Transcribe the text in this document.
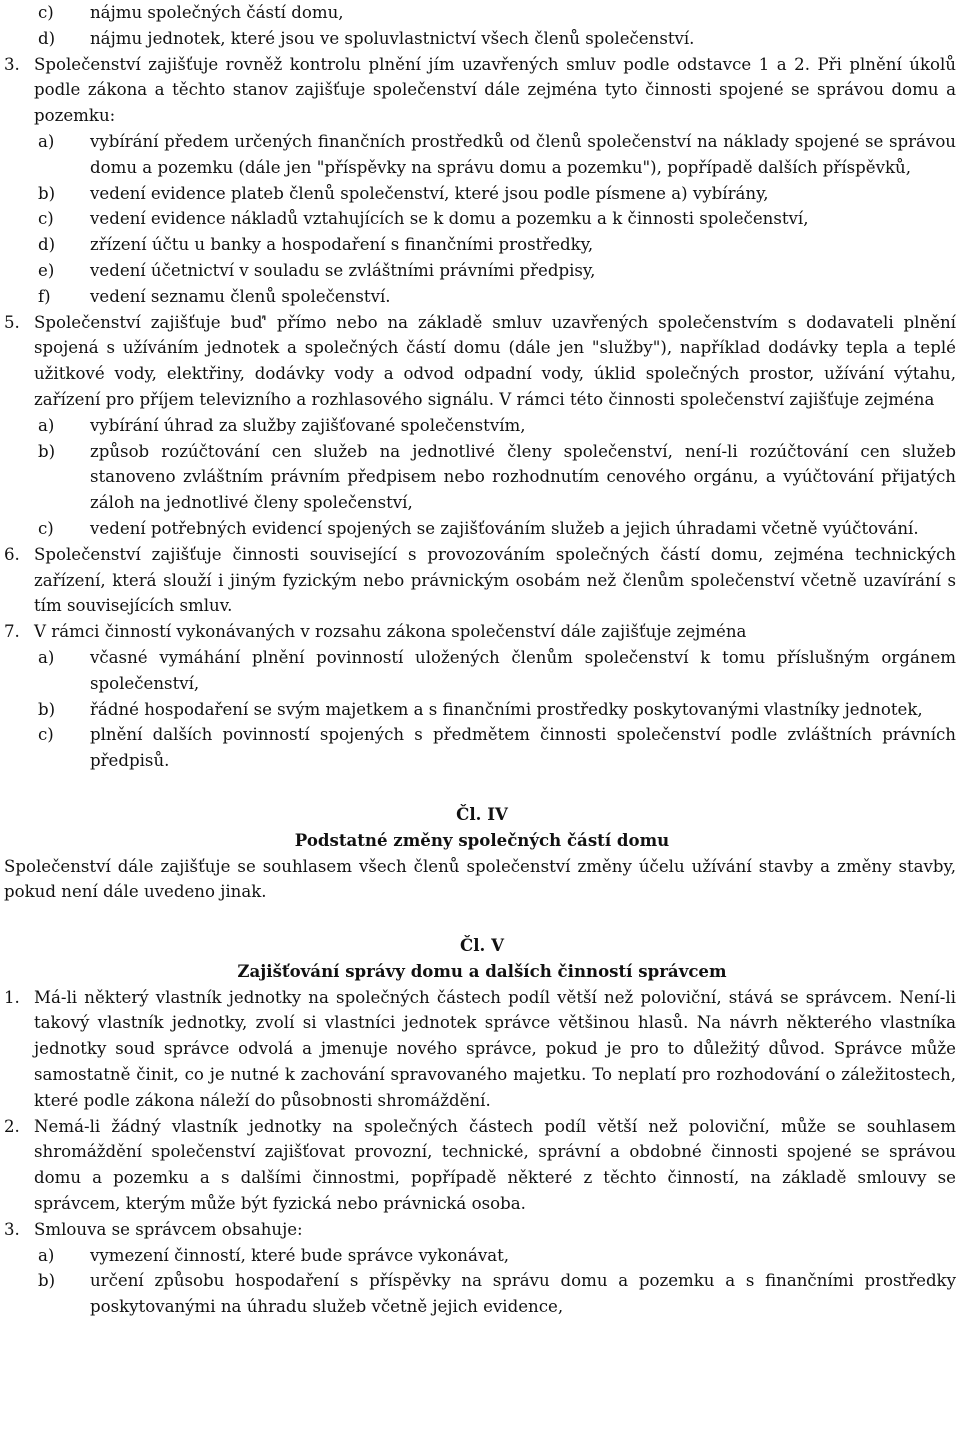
c)	nájmu společných částí domu,
d)	nájmu jednotek, které jsou ve spoluvlastnictví všech členů společenství.
3. Společenství zajišťuje rovněž kontrolu plnění jím uzavřených smluv podle odstavce 1 a 2. Při plnění úkolů podle zákona a těchto stanov zajišťuje společenství dále zejména tyto činnosti spojené se správou domu a pozemku:
a)	vybírání předem určených finančních prostředků od členů společenství na náklady spojené se správou domu a pozemku (dále jen "příspěvky na správu domu a pozemku"), popřípadě dalších příspěvků,
b)	vedení evidence plateb členů společenství, které jsou podle písmene a) vybírány,
c)	vedení evidence nákladů vztahujících se k domu a pozemku a k činnosti společenství,
d)	zřízení účtu u banky a hospodaření s finančními prostředky,
e)	vedení účetnictví v souladu se zvláštními právními předpisy,
f)	vedení seznamu členů společenství.
5. Společenství zajišťuje buď' přímo nebo na základě smluv uzavřených společenstvím s dodavateli plnění spojená s užíváním jednotek a společných částí domu (dále jen "služby"), například dodávky tepla a teplé užitkové vody, elektřiny, dodávky vody a odvod odpadní vody, úklid společných prostor, užívání výtahu, zařízení pro příjem televizního a rozhlasového signálu. V rámci této činnosti společenství zajišťuje zejména
a)	vybírání úhrad za služby zajišťované společenstvím,
b)	způsob rozúčtování cen služeb na jednotlivé členy společenství, není-li rozúčtování cen služeb stanoveno zvláštním právním předpisem nebo rozhodnutím cenového orgánu, a vyúčtování přijatých záloh na jednotlivé členy společenství,
c)	vedení potřebných evidencí spojených se zajišťováním služeb a jejich úhradami včetně vyúčtování.
6. Společenství zajišťuje činnosti související s provozováním společných částí domu, zejména technických zařízení, která slouží i jiným fyzickým nebo právnickým osobám než členům společenství včetně uzavírání s tím souvisejících smluv.
7. V rámci činností vykonávaných v rozsahu zákona společenství dále zajišťuje zejména
a)	včasné vymáhání plnění povinností uložených členům společenství k tomu příslušným orgánem společenství,
b)	řádné hospodaření se svým majetkem a s finančními prostředky poskytovanými vlastníky jednotek,
c)	plnění dalších povinností spojených s předmětem činnosti společenství podle zvláštních právních předpisů.
Čl. IV
Podstatné změny společných částí domu
Společenství dále zajišťuje se souhlasem všech členů společenství změny účelu užívání stavby a změny stavby, pokud není dále uvedeno jinak.
Čl. V
Zajišťování správy domu a dalších činností správcem
1. Má-li některý vlastník jednotky na společných částech podíl větší než poloviční, stává se správcem. Není-li takový vlastník jednotky, zvolí si vlastníci jednotek správce většinou hlasů. Na návrh některého vlastníka jednotky soud správce odvolá a jmenuje nového správce, pokud je pro to důležitý důvod. Správce může samostatně činit, co je nutné k zachování spravovaného majetku. To neplatí pro rozhodování o záležitostech, které podle zákona náleží do působnosti shromáždění.
2. Nemá-li žádný vlastník jednotky na společných částech podíl větší než poloviční, může se souhlasem shromáždění společenství zajišťovat provozní, technické, správní a obdobné činnosti spojené se správou domu a pozemku a s dalšími činnostmi, popřípadě některé z těchto činností, na základě smlouvy se správcem, kterým může být fyzická nebo právnická osoba.
3. Smlouva se správcem obsahuje:
a)	vymezení činností, které bude správce vykonávat,
b)	určení způsobu hospodaření s příspěvky na správu domu a pozemku a s finančními prostředky poskytovanými na úhradu služeb včetně jejich evidence,
